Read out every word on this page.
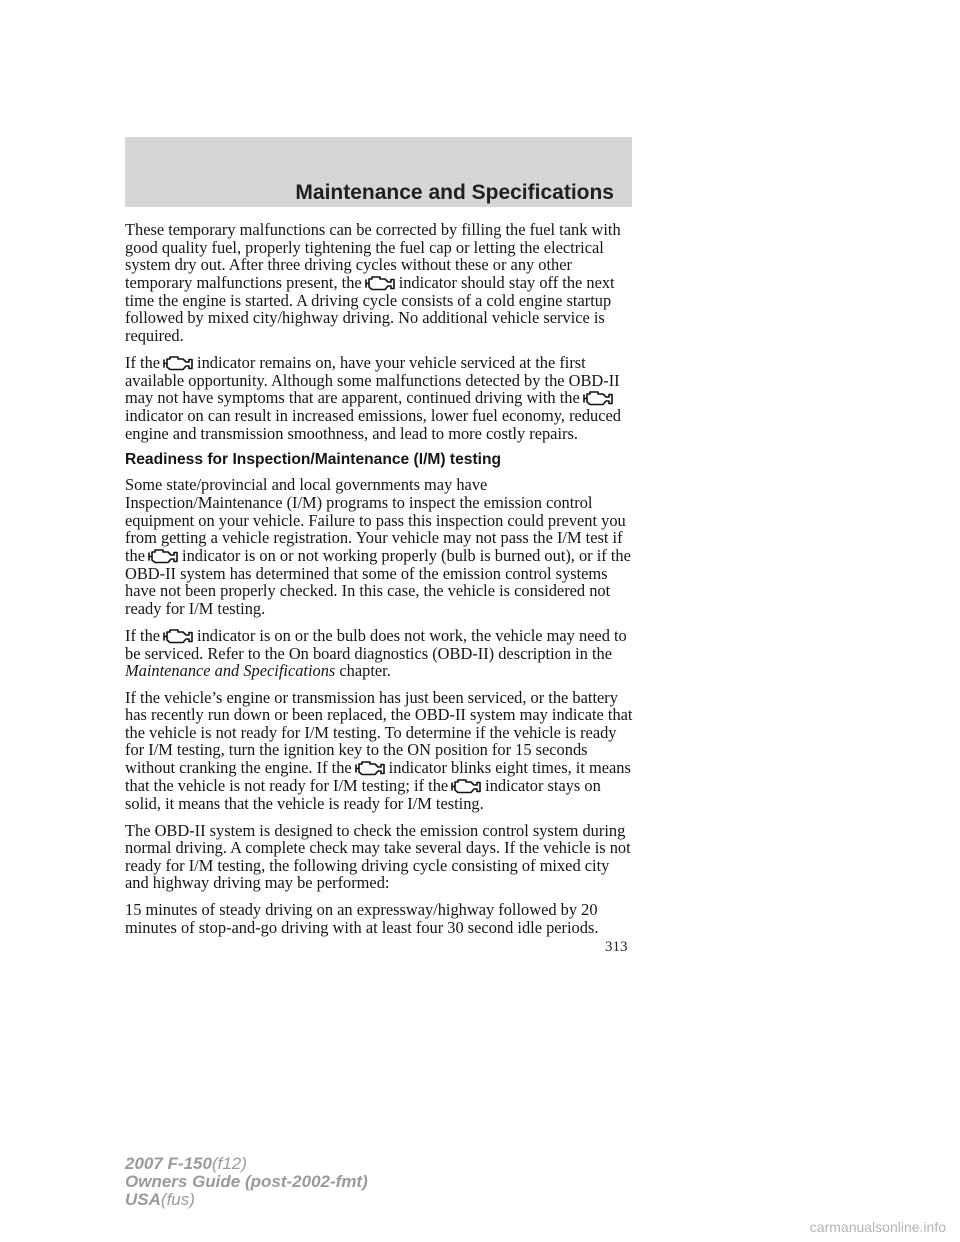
Maintenance and Specifications

These temporary malfunctions can be corrected by filling the fuel tank with good quality fuel, properly tightening the fuel cap or letting the electrical system dry out. After three driving cycles without these or any other temporary malfunctions present, the indicator should stay off the next time the engine is started. A driving cycle consists of a cold engine startup followed by mixed city/highway driving. No additional vehicle service is required.

If the indicator remains on, have your vehicle serviced at the first available opportunity. Although some malfunctions detected by the OBD-II may not have symptoms that are apparent, continued driving with the
indicator on can result in increased emissions, lower fuel economy, reduced engine and transmission smoothness, and lead to more costly repairs.

Readiness for Inspection/Maintenance (I/M) testing

Some state/provincial and local governments may have Inspection/Maintenance (I/M) programs to inspect the emission control equipment on your vehicle. Failure to pass this inspection could prevent you from getting a vehicle registration. Your vehicle may not pass the I/M test if the indicator is on or not working properly (bulb is burned out), or if the OBD-II system has determined that some of the emission control systems have not been properly checked. In this case, the vehicle is considered not ready for I/M testing.

If the indicator is on or the bulb does not work, the vehicle may need to be serviced. Refer to the On board diagnostics (OBD-II) description in the Maintenance and Specifications chapter.

If the vehicle’s engine or transmission has just been serviced, or the battery has recently run down or been replaced, the OBD-II system may indicate that the vehicle is not ready for I/M testing. To determine if the vehicle is ready for I/M testing, turn the ignition key to the ON position for 15 seconds without cranking the engine. If the indicator blinks eight times, it means that the vehicle is not ready for I/M testing; if the indicator stays on solid, it means that the vehicle is ready for I/M testing.

The OBD-II system is designed to check the emission control system during normal driving. A complete check may take several days. If the vehicle is not ready for I/M testing, the following driving cycle consisting of mixed city and highway driving may be performed:

15 minutes of steady driving on an expressway/highway followed by 20 minutes of stop-and-go driving with at least four 30 second idle periods.

313
2007 F-150(f12)
Owners Guide (post-2002-fmt)
USA(fus)
carmanualsonline.info
